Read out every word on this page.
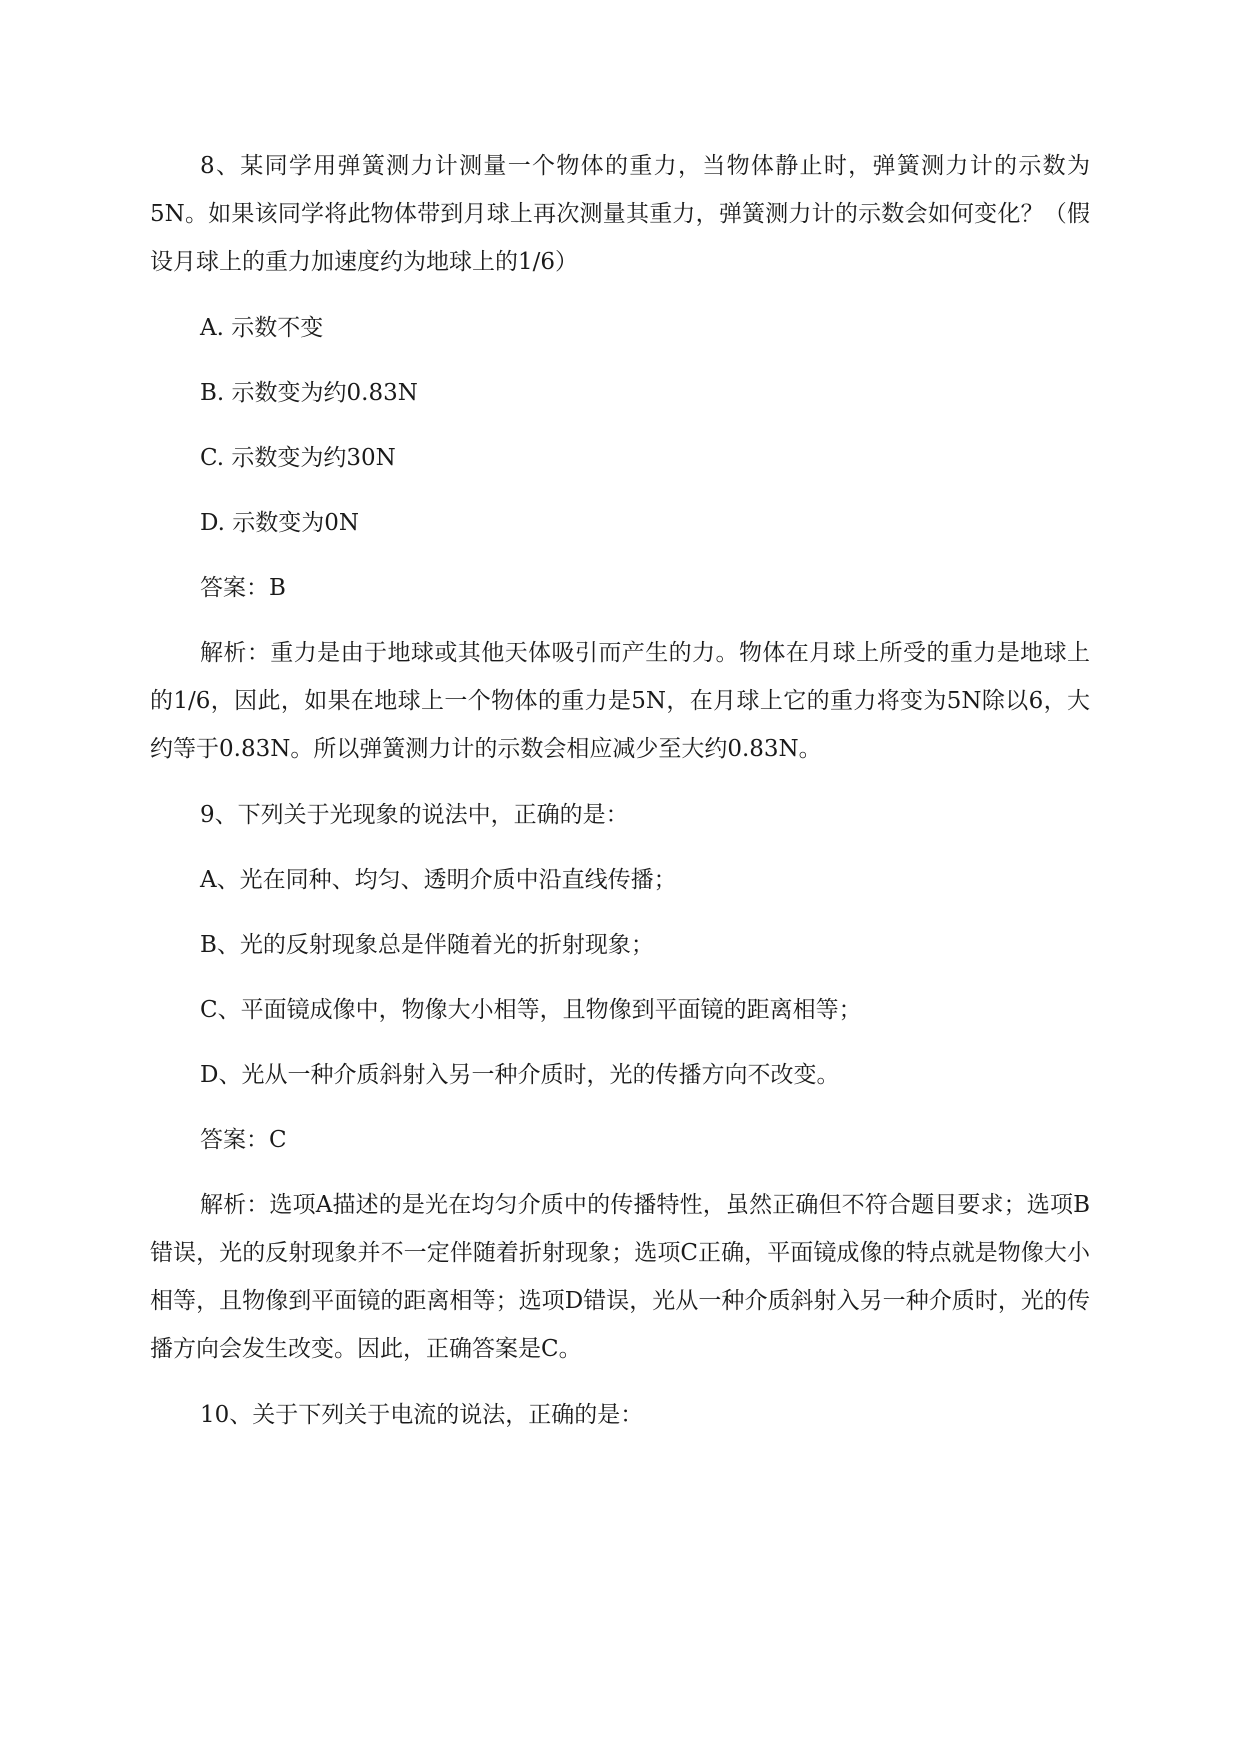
8、某同学用弹簧测力计测量一个物体的重力，当物体静止时，弹簧测力计的示数为5N。如果该同学将此物体带到月球上再次测量其重力，弹簧测力计的示数会如何变化？（假设月球上的重力加速度约为地球上的1/6）

A. 示数不变

B. 示数变为约0.83N

C. 示数变为约30N

D. 示数变为0N

答案：B

解析：重力是由于地球或其他天体吸引而产生的力。物体在月球上所受的重力是地球上的1/6，因此，如果在地球上一个物体的重力是5N，在月球上它的重力将变为5N除以6，大约等于0.83N。所以弹簧测力计的示数会相应减少至大约0.83N。

9、下列关于光现象的说法中，正确的是：

A、光在同种、均匀、透明介质中沿直线传播；

B、光的反射现象总是伴随着光的折射现象；

C、平面镜成像中，物像大小相等，且物像到平面镜的距离相等；

D、光从一种介质斜射入另一种介质时，光的传播方向不改变。

答案：C

解析：选项A描述的是光在均匀介质中的传播特性，虽然正确但不符合题目要求；选项B错误，光的反射现象并不一定伴随着折射现象；选项C正确，平面镜成像的特点就是物像大小相等，且物像到平面镜的距离相等；选项D错误，光从一种介质斜射入另一种介质时，光的传播方向会发生改变。因此，正确答案是C。

10、关于下列关于电流的说法，正确的是：
